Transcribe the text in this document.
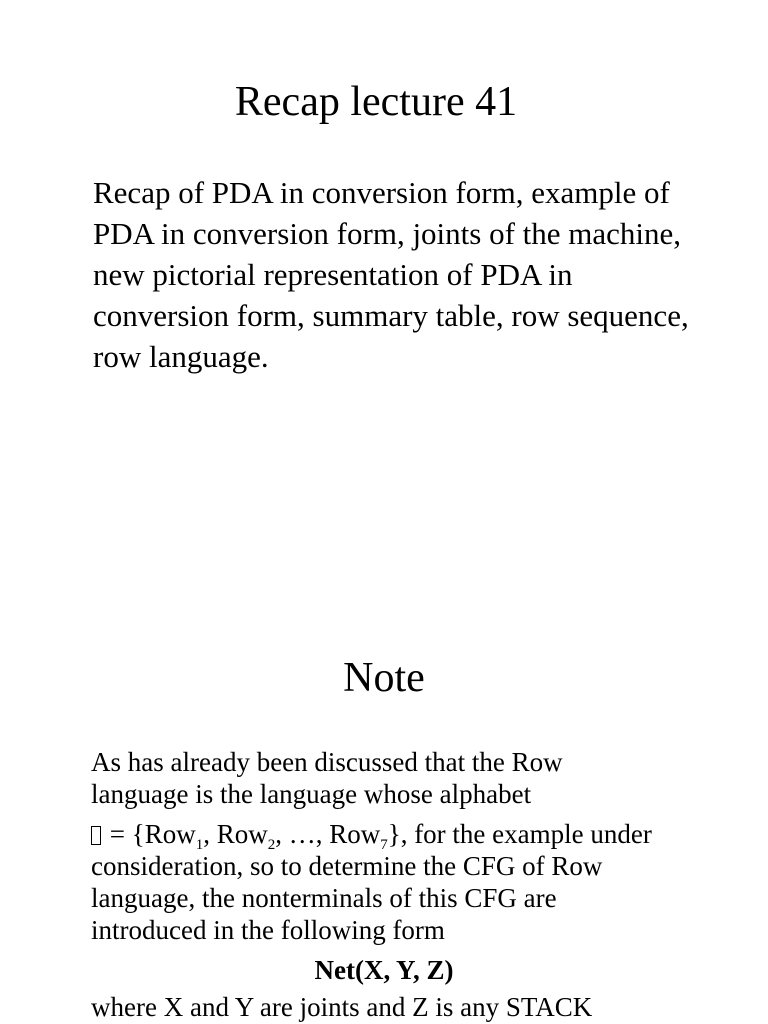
Recap lecture 41

Recap of PDA in conversion form, example of PDA in conversion form, joints of the machine, new pictorial representation of PDA in conversion form, summary table, row sequence, row language.

Note
As has already been discussed that the Row
language is the language whose alphabet
= {Row$_1$, Row$_2$, …, Row$_7$}, for the example under
consideration, so to determine the CFG of Row
language, the nonterminals of this CFG are
introduced in the following form

Net(X, Y, Z)

where X and Y are joints and Z is any STACK
